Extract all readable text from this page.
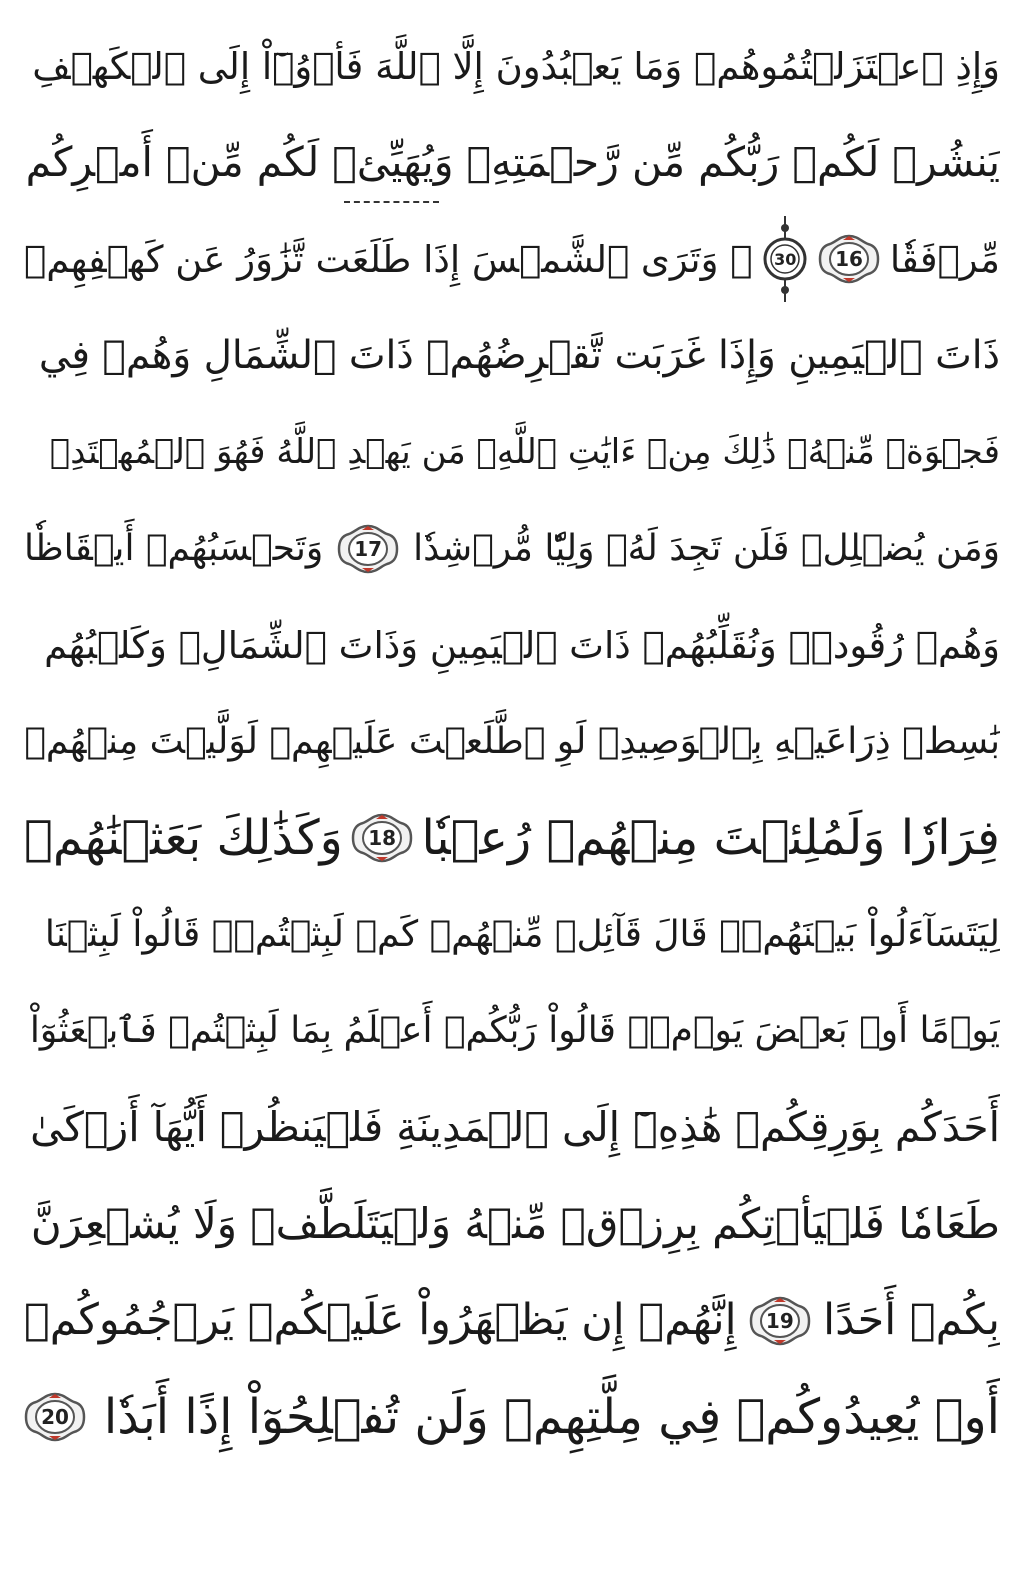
وَإِذِ ٱعۡتَزَلۡتُمُوهُمۡ وَمَا يَعۡبُدُونَ إِلَّا ٱللَّهَ فَأۡوُۥٓاْ إِلَى ٱلۡكَهۡفِ
يَنشُرۡ لَكُمۡ رَبُّكُم مِّن رَّحۡمَتِهِۦ وَيُهَيِّئۡ لَكُم مِّنۡ أَمۡرِكُم
مِّرۡفَقٗا
16
30
۞ وَتَرَى ٱلشَّمۡسَ إِذَا طَلَعَت تَّزَٰوَرُ عَن كَهۡفِهِمۡ
ذَاتَ ٱلۡيَمِينِ وَإِذَا غَرَبَت تَّقۡرِضُهُمۡ ذَاتَ ٱلشِّمَالِ وَهُمۡ فِي
فَجۡوَةٖ مِّنۡهُۚ ذَٰلِكَ مِنۡ ءَايَٰتِ ٱللَّهِۗ مَن يَهۡدِ ٱللَّهُ فَهُوَ ٱلۡمُهۡتَدِۖ
وَمَن يُضۡلِلۡ فَلَن تَجِدَ لَهُۥ وَلِيّٗا مُّرۡشِدٗا
17
وَتَحۡسَبُهُمۡ أَيۡقَاظٗا
وَهُمۡ رُقُودٞۚ وَنُقَلِّبُهُمۡ ذَاتَ ٱلۡيَمِينِ وَذَاتَ ٱلشِّمَالِۖ وَكَلۡبُهُم
بَٰسِطٞ ذِرَاعَيۡهِ بِٱلۡوَصِيدِۚ لَوِ ٱطَّلَعۡتَ عَلَيۡهِمۡ لَوَلَّيۡتَ مِنۡهُمۡ
فِرَارٗا وَلَمُلِئۡتَ مِنۡهُمۡ رُعۡبٗا
18
وَكَذَٰلِكَ بَعَثۡنَٰهُمۡ
لِيَتَسَآءَلُواْ بَيۡنَهُمۡۚ قَالَ قَآئِلٞ مِّنۡهُمۡ كَمۡ لَبِثۡتُمۡۖ قَالُواْ لَبِثۡنَا
يَوۡمًا أَوۡ بَعۡضَ يَوۡمٖۚ قَالُواْ رَبُّكُمۡ أَعۡلَمُ بِمَا لَبِثۡتُمۡ فَٱبۡعَثُوٓاْ
أَحَدَكُم بِوَرِقِكُمۡ هَٰذِهِۦٓ إِلَى ٱلۡمَدِينَةِ فَلۡيَنظُرۡ أَيُّهَآ أَزۡكَىٰ
طَعَامٗا فَلۡيَأۡتِكُم بِرِزۡقٖ مِّنۡهُ وَلۡيَتَلَطَّفۡ وَلَا يُشۡعِرَنَّ
بِكُمۡ أَحَدًا
19
إِنَّهُمۡ إِن يَظۡهَرُواْ عَلَيۡكُمۡ يَرۡجُمُوكُمۡ
أَوۡ يُعِيدُوكُمۡ فِي مِلَّتِهِمۡ وَلَن تُفۡلِحُوٓاْ إِذًا أَبَدٗا
20
